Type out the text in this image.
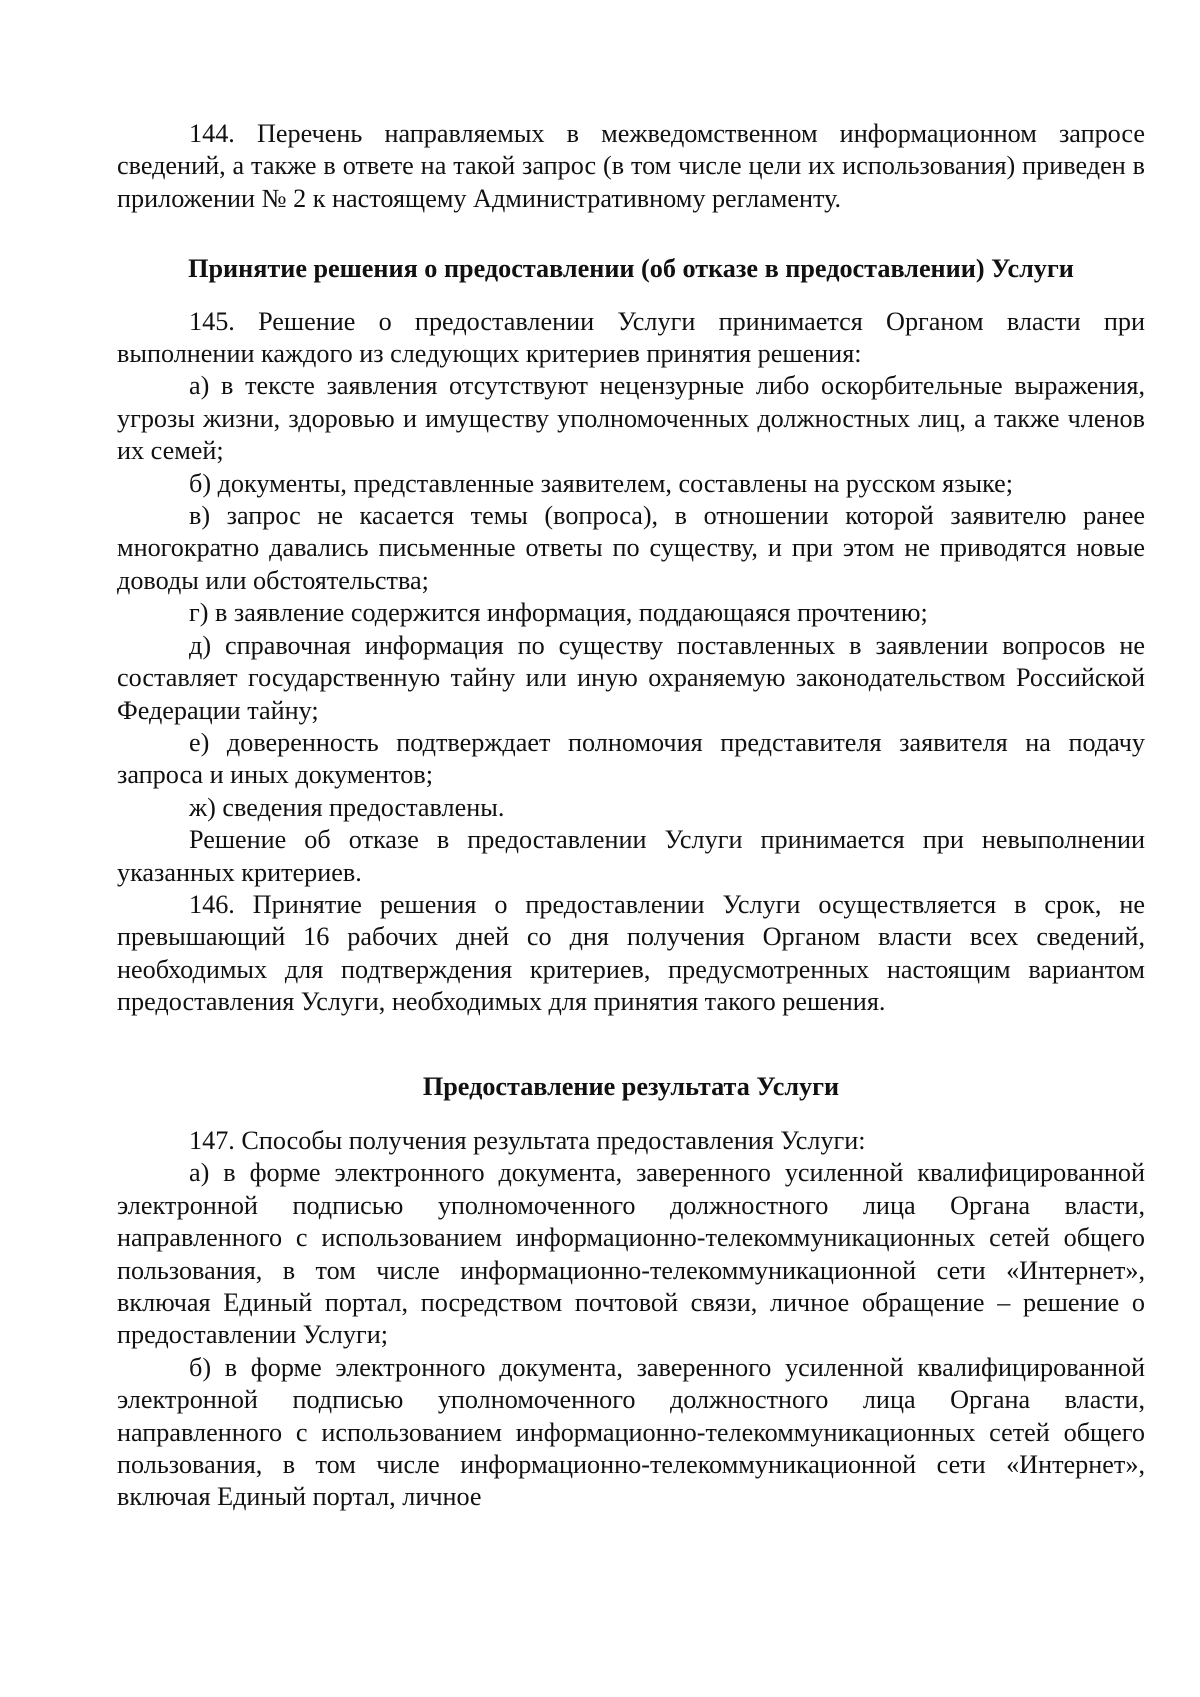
144. Перечень направляемых в межведомственном информационном запросе сведений, а также в ответе на такой запрос (в том числе цели их использования) приведен в приложении № 2 к настоящему Административному регламенту.

Принятие решения о предоставлении (об отказе в предоставлении) Услуги

145. Решение о предоставлении Услуги принимается Органом власти при выполнении каждого из следующих критериев принятия решения:

а) в тексте заявления отсутствуют нецензурные либо оскорбительные выражения, угрозы жизни, здоровью и имуществу уполномоченных должностных лиц, а также членов их семей;

б) документы, представленные заявителем, составлены на русском языке;

в) запрос не касается темы (вопроса), в отношении которой заявителю ранее многократно давались письменные ответы по существу, и при этом не приводятся новые доводы или обстоятельства;

г) в заявление содержится информация, поддающаяся прочтению;

д) справочная информация по существу поставленных в заявлении вопросов не составляет государственную тайну или иную охраняемую законодательством Российской Федерации тайну;

е) доверенность подтверждает полномочия представителя заявителя на подачу запроса и иных документов;

ж) сведения предоставлены.

Решение об отказе в предоставлении Услуги принимается при невыполнении указанных критериев.

146. Принятие решения о предоставлении Услуги осуществляется в срок, не превышающий 16 рабочих дней со дня получения Органом власти всех сведений, необходимых для подтверждения критериев, предусмотренных настоящим вариантом предоставления Услуги, необходимых для принятия такого решения.

Предоставление результата Услуги

147. Способы получения результата предоставления Услуги:

а) в форме электронного документа, заверенного усиленной квалифицированной электронной подписью уполномоченного должностного лица Органа власти, направленного с использованием информационно-телекоммуникационных сетей общего пользования, в том числе информационно-телекоммуникационной сети «Интернет», включая Единый портал, посредством почтовой связи, личное обращение – решение о предоставлении Услуги;

б) в форме электронного документа, заверенного усиленной квалифицированной электронной подписью уполномоченного должностного лица Органа власти, направленного с использованием информационно-телекоммуникационных сетей общего пользования, в том числе информационно-телекоммуникационной сети «Интернет», включая Единый портал, личное
